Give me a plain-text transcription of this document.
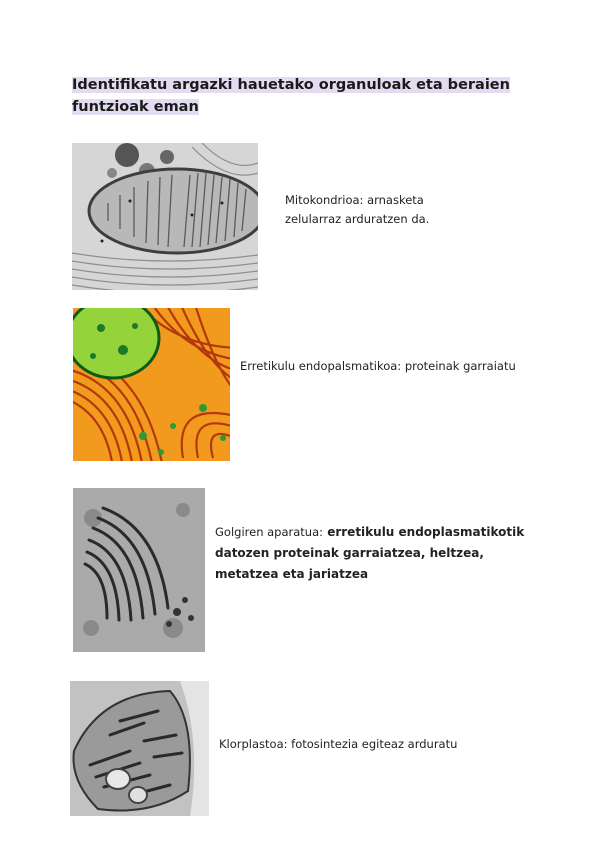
Identifikatu argazki hauetako organuloak eta beraien funtzioak eman
Mitokondrioa: arnasketa zelularraz arduratzen da.
Erretikulu endopalsmatikoa: proteinak garraiatu
Golgiren aparatua: erretikulu endoplasmatikotik datozen proteinak garraiatzea, heltzea, metatzea eta jariatzea
Klorplastoa: fotosintezia egiteaz arduratu
